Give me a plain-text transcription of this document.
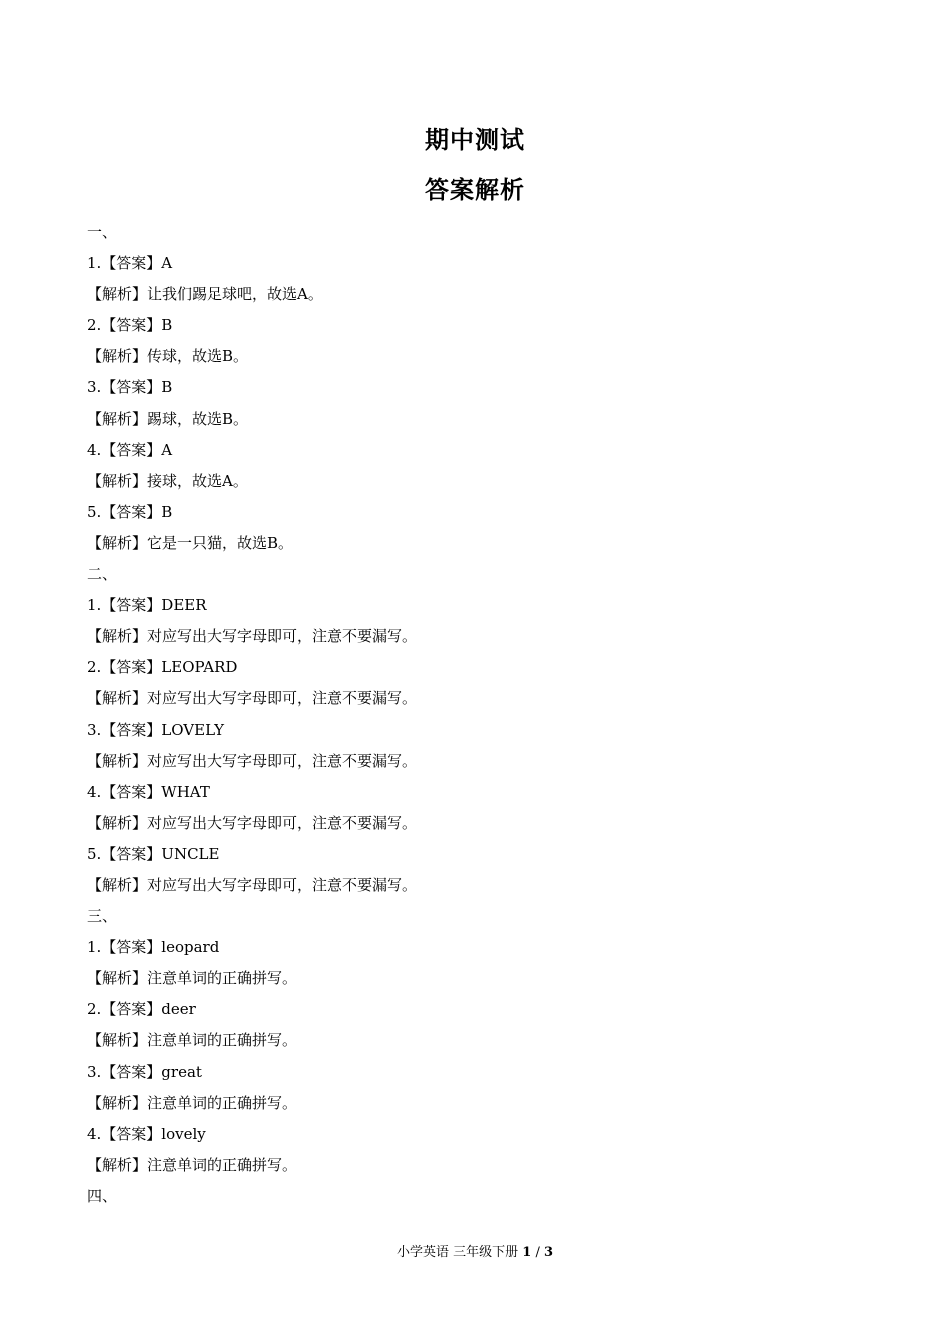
期中测试
答案解析
一、
1.【答案】A
【解析】让我们踢足球吧，故选A。
2.【答案】B
【解析】传球，故选B。
3.【答案】B
【解析】踢球，故选B。
4.【答案】A
【解析】接球，故选A。
5.【答案】B
【解析】它是一只猫，故选B。
二、
1.【答案】DEER
【解析】对应写出大写字母即可，注意不要漏写。
2.【答案】LEOPARD
【解析】对应写出大写字母即可，注意不要漏写。
3.【答案】LOVELY
【解析】对应写出大写字母即可，注意不要漏写。
4.【答案】WHAT
【解析】对应写出大写字母即可，注意不要漏写。
5.【答案】UNCLE
【解析】对应写出大写字母即可，注意不要漏写。
三、
1.【答案】leopard
【解析】注意单词的正确拼写。
2.【答案】deer
【解析】注意单词的正确拼写。
3.【答案】great
【解析】注意单词的正确拼写。
4.【答案】lovely
【解析】注意单词的正确拼写。
四、
小学英语 三年级下册 1 / 3
